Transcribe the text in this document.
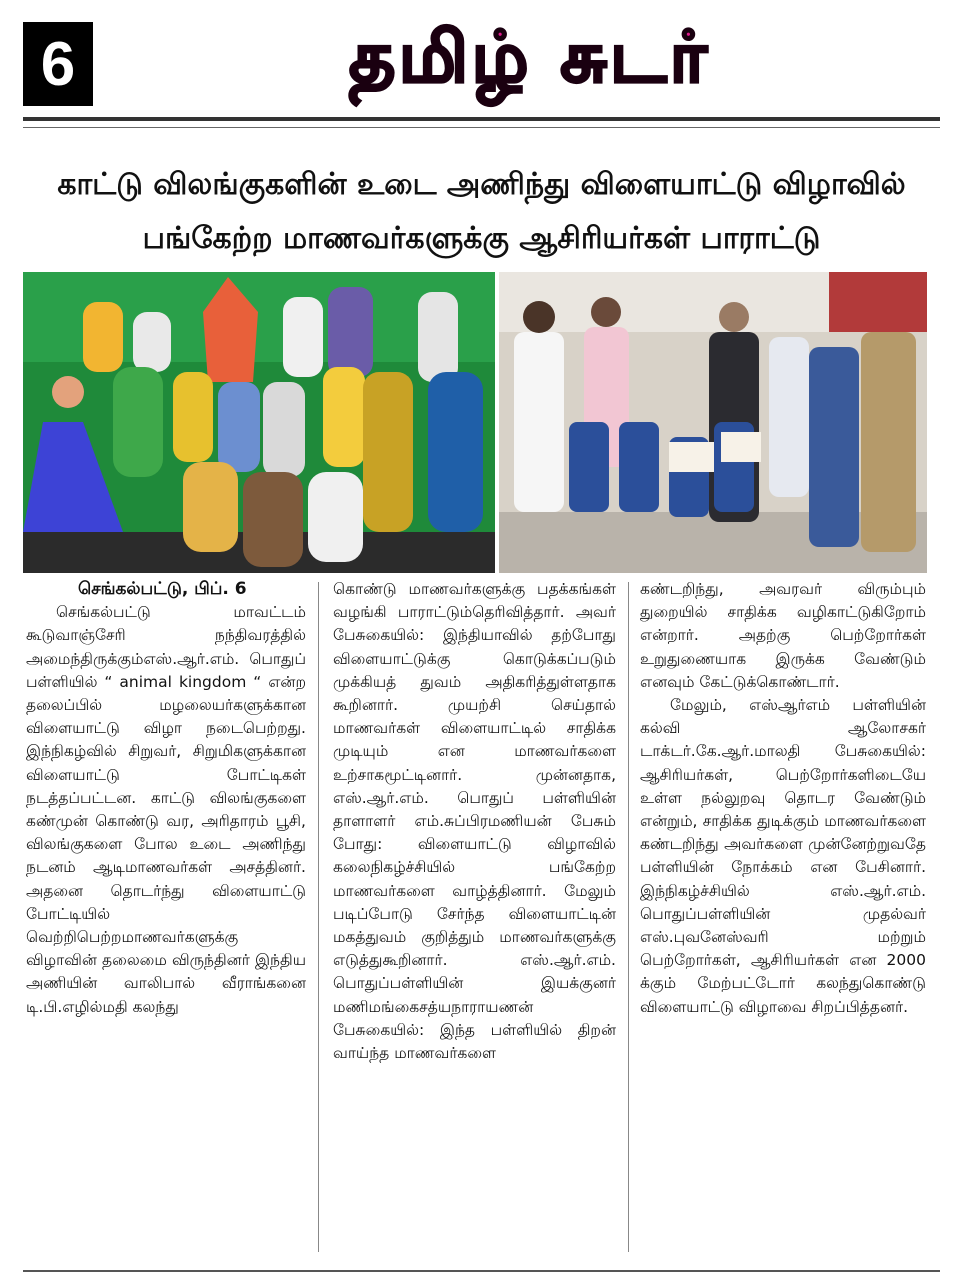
6	தமிழ் சுடர்
காட்டு விலங்குகளின் உடை அணிந்து விளையாட்டு விழாவில்
பங்கேற்ற மாணவர்களுக்கு ஆசிரியர்கள் பாராட்டு

செங்கல்பட்டு, பிப். 6

செங்கல்பட்டு மாவட்டம் கூடுவாஞ்சேரி நந்திவரத்தில் அமைந்திருக்கும்எஸ்.ஆர்.எம். பொதுப் பள்ளியில் “ animal kingdom “ என்ற தலைப்பில் மழலையர்களுக்கான விளையாட்டு விழா நடைபெற்றது. இந்நிகழ்வில் சிறுவர், சிறுமிகளுக்கான விளையாட்டு போட்டிகள் நடத்தப்பட்டன. காட்டு விலங்குகளை கண்முன் கொண்டு வர, அரிதாரம் பூசி, விலங்குகளை போல உடை அணிந்து நடனம் ஆடிமாணவர்கள் அசத்தினர். அதனை தொடர்ந்து விளையாட்டு போட்டியில் வெற்றிபெற்றமாணவர்களுக்கு விழாவின் தலைமை விருந்தினர் இந்திய அணியின் வாலிபால் வீராங்கனை டி.பி.எழில்மதி கலந்து

கொண்டு மாணவர்களுக்கு பதக்கங்கள் வழங்கி பாராட்டும்தெரிவித்தார். அவர் பேசுகையில்: இந்தியாவில் தற்போது விளையாட்டுக்கு கொடுக்கப்படும் முக்கியத் துவம் அதிகரித்துள்ளதாக கூறினார். முயற்சி செய்தால் மாணவர்கள் விளையாட்டில் சாதிக்க முடியும் என மாணவர்களை உற்சாகமூட்டினார். முன்னதாக, எஸ்.ஆர்.எம். பொதுப் பள்ளியின் தாளாளர் எம்.சுப்பிரமணியன் பேசும் போது: விளையாட்டு விழாவில் கலைநிகழ்ச்சியில் பங்கேற்ற மாணவர்களை வாழ்த்தினார். மேலும் படிப்போடு சேர்ந்த விளையாட்டின் மகத்துவம் குறித்தும் மாணவர்களுக்கு எடுத்துகூறினார். எஸ்.ஆர்.எம். பொதுப்பள்ளியின் இயக்குனர் மணிமங்கைசத்யநாராயணன் பேசுகையில்: இந்த பள்ளியில் திறன் வாய்ந்த மாணவர்களை

கண்டறிந்து, அவரவர் விரும்பும் துறையில் சாதிக்க வழிகாட்டுகிறோம் என்றார். அதற்கு பெற்றோர்கள் உறுதுணையாக இருக்க வேண்டும் எனவும் கேட்டுக்கொண்டார்.

மேலும், எஸ்ஆர்எம் பள்ளியின் கல்வி ஆலோசகர் டாக்டர்.கே.ஆர்.மாலதி பேசுகையில்: ஆசிரியர்கள், பெற்றோர்களிடையே உள்ள நல்லுறவு தொடர வேண்டும் என்றும், சாதிக்க துடிக்கும் மாணவர்களை கண்டறிந்து அவர்களை முன்னேற்றுவதே பள்ளியின் நோக்கம் என பேசினார். இந்நிகழ்ச்சியில் எஸ்.ஆர்.எம். பொதுப்பள்ளியின் முதல்வர் எஸ்.புவனேஸ்வரி மற்றும் பெற்றோர்கள், ஆசிரியர்கள் என 2000 க்கும் மேற்பட்டோர் கலந்துகொண்டு விளையாட்டு விழாவை சிறப்பித்தனர்.
